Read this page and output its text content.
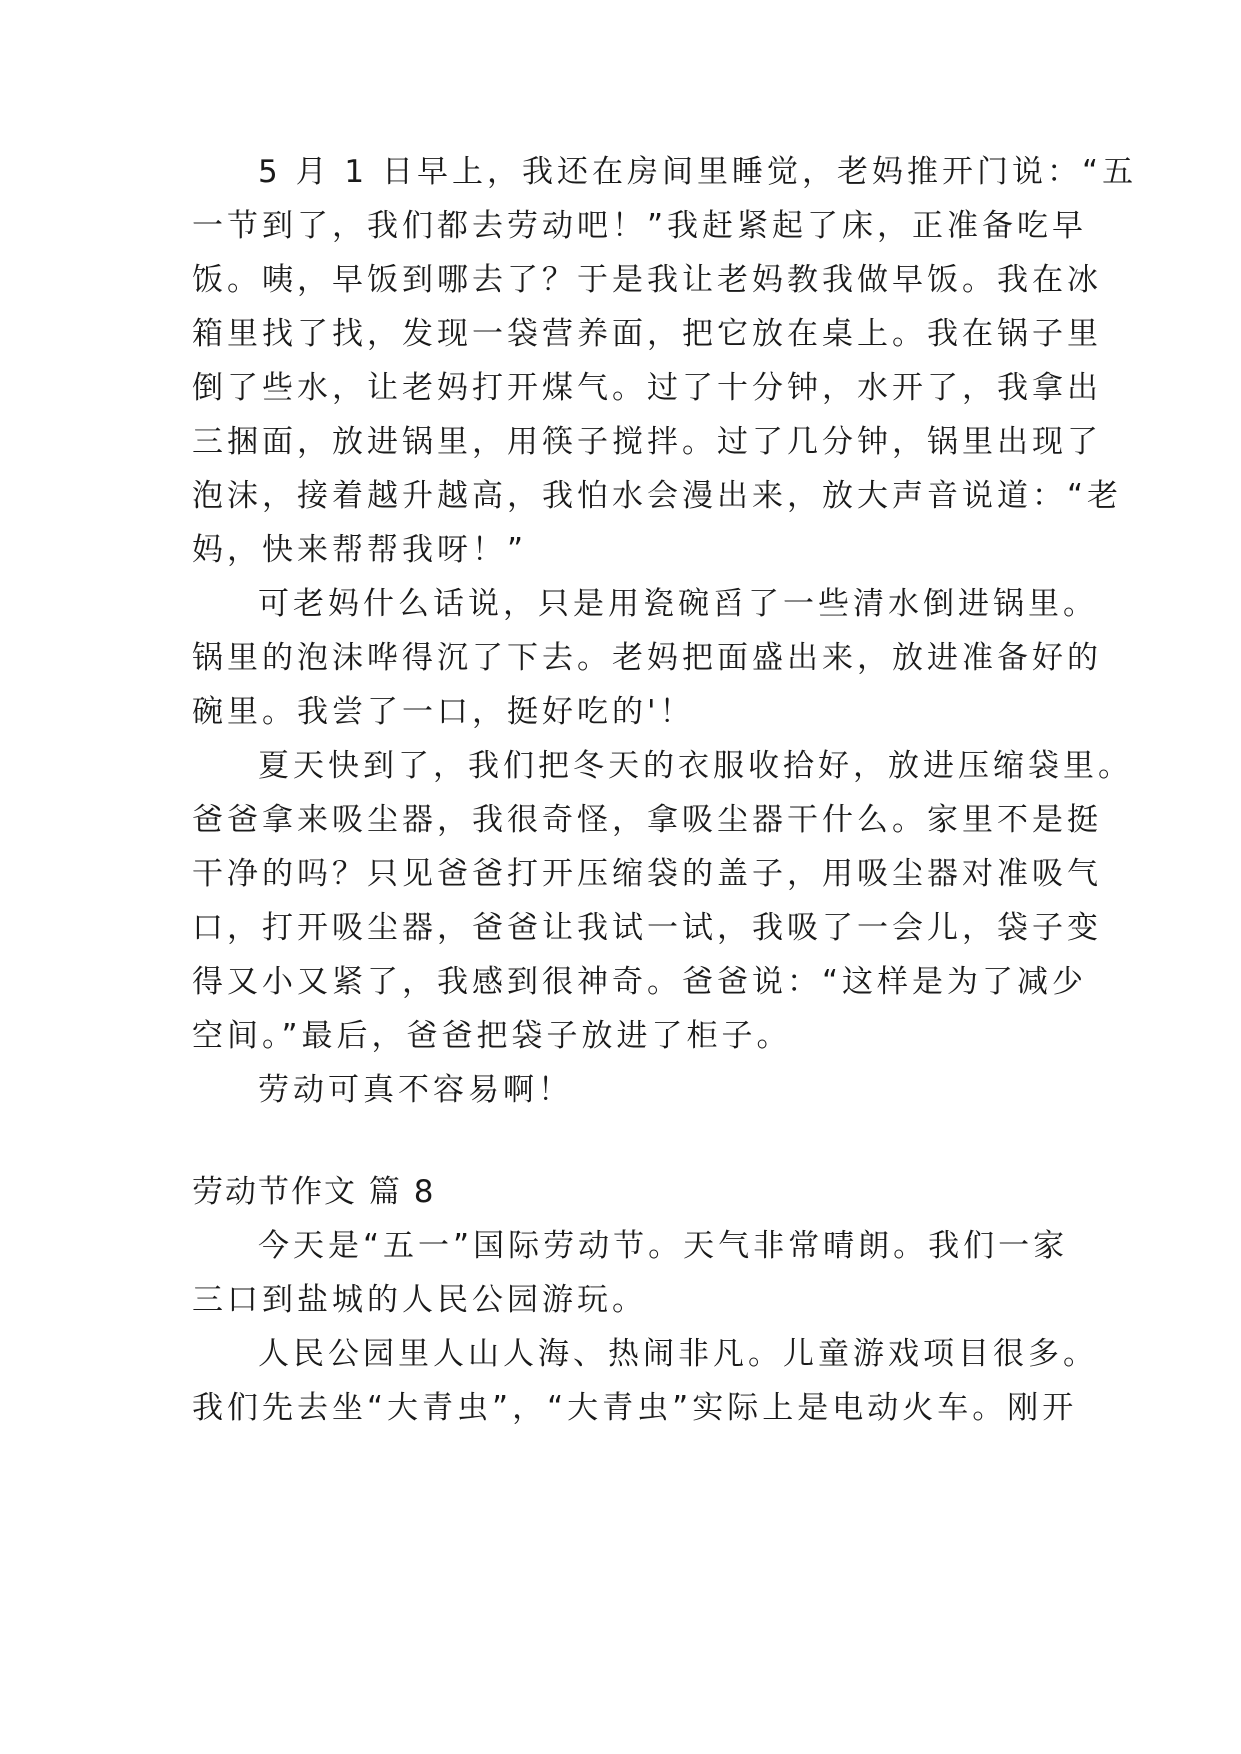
5 月 1 日早上，我还在房间里睡觉，老妈推开门说：“五
一节到了，我们都去劳动吧！”我赶紧起了床，正准备吃早
饭。咦，早饭到哪去了？于是我让老妈教我做早饭。我在冰
箱里找了找，发现一袋营养面，把它放在桌上。我在锅子里
倒了些水，让老妈打开煤气。过了十分钟，水开了，我拿出
三捆面，放进锅里，用筷子搅拌。过了几分钟，锅里出现了
泡沫，接着越升越高，我怕水会漫出来，放大声音说道：“老
妈，快来帮帮我呀！”
可老妈什么话说，只是用瓷碗舀了一些清水倒进锅里。
锅里的泡沫哗得沉了下去。老妈把面盛出来，放进准备好的
碗里。我尝了一口，挺好吃的'！
夏天快到了，我们把冬天的衣服收拾好，放进压缩袋里。
爸爸拿来吸尘器，我很奇怪，拿吸尘器干什么。家里不是挺
干净的吗？只见爸爸打开压缩袋的盖子，用吸尘器对准吸气
口，打开吸尘器，爸爸让我试一试，我吸了一会儿，袋子变
得又小又紧了，我感到很神奇。爸爸说：“这样是为了减少
空间。”最后，爸爸把袋子放进了柜子。
劳动可真不容易啊！
劳动节作文 篇 8
今天是“五一”国际劳动节。天气非常晴朗。我们一家
三口到盐城的人民公园游玩。
人民公园里人山人海、热闹非凡。儿童游戏项目很多。
我们先去坐“大青虫”，“大青虫”实际上是电动火车。刚开
